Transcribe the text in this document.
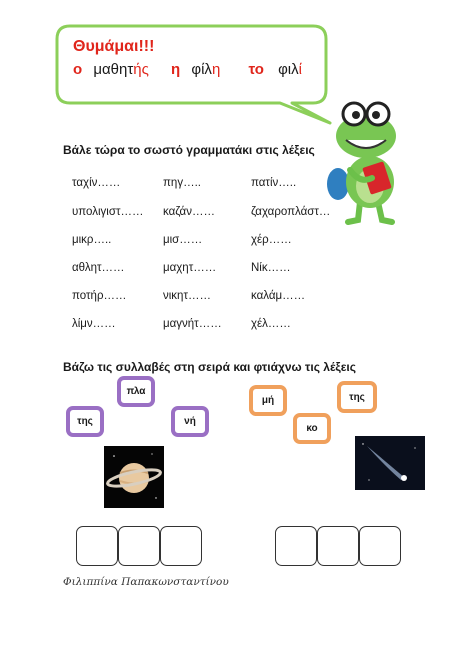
Θυμάμαι!!!
ο μαθητής η φίλη το φιλί
Βάλε τώρα το σωστό γραμματάκι στις λέξεις
ταχίν……	πηγ…..	πατίν…..
υπολιγιστ…… καζάν……	ζαχαροπλάστ…
μικρ…..	μισ……	χέρ……
αθλητ……	μαχητ……	Νίκ……
ποτήρ……	νικητ……	καλάμ……
λίμν……	μαγνήτ……	χέλ……
Βάζω τις συλλαβές στη σειρά και φτιάχνω τις λέξεις
πλα
της	νή
μή	της
κο
Φιλιππίνα Παπακωνσταντίνου
